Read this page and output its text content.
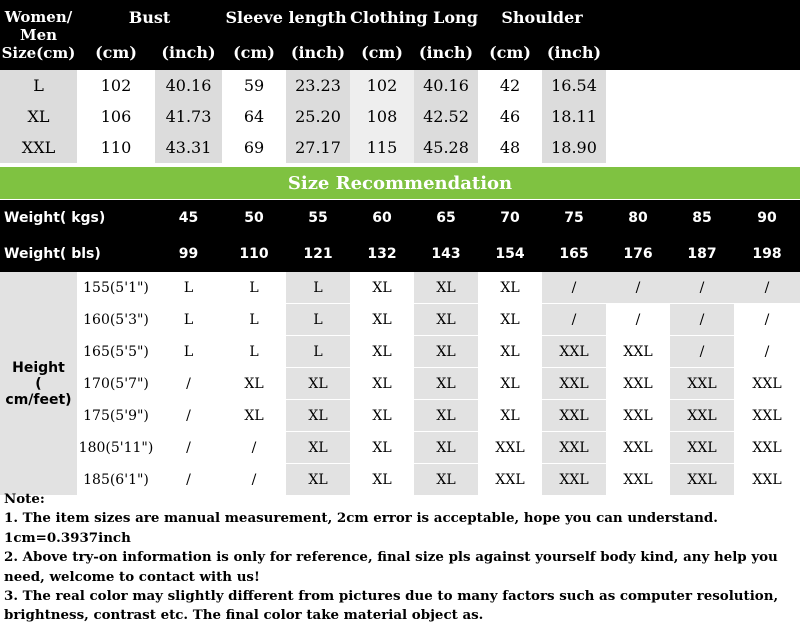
Women/
Men
Size(cm)	Bust		Sleeve length		Clothing Long		Shoulder		
	(cm)	(inch)	(cm)	(inch)	(cm)	(inch)	(cm)	(inch)	
L	102	40.16	59	23.23	102	40.16	42	16.54	
XL	106	41.73	64	25.20	108	42.52	46	18.11	
XXL	110	43.31	69	27.17	115	45.28	48	18.90	
Size Recommendation
Weight( kgs)		45	50	55	60	65	70	75	80	85	90
Weight( bls)		99	110	121	132	143	154	165	176	187	198

Height
( cm/feet)	155(5'1")	L	L	L	XL	XL	XL	/	/	/	/
	160(5'3")	L	L	L	XL	XL	XL	/	/	/	/
	165(5'5")	L	L	L	XL	XL	XL	XXL	XXL	/	/
	170(5'7")	/	XL	XL	XL	XL	XL	XXL	XXL	XXL	XXL
	175(5'9")	/	XL	XL	XL	XL	XL	XXL	XXL	XXL	XXL
	180(5'11")	/	/	XL	XL	XL	XXL	XXL	XXL	XXL	XXL
	185(6'1")	/	/	XL	XL	XL	XXL	XXL	XXL	XXL	XXL
Note:
1. The item sizes are manual measurement, 2cm error is acceptable, hope you can understand. 1cm=0.3937inch
2. Above try-on information is only for reference, final size pls against yourself body kind, any help you need, welcome to contact with us!
3. The real color may slightly different from pictures due to many factors such as computer resolution, brightness, contrast etc. The final color take material object as.
